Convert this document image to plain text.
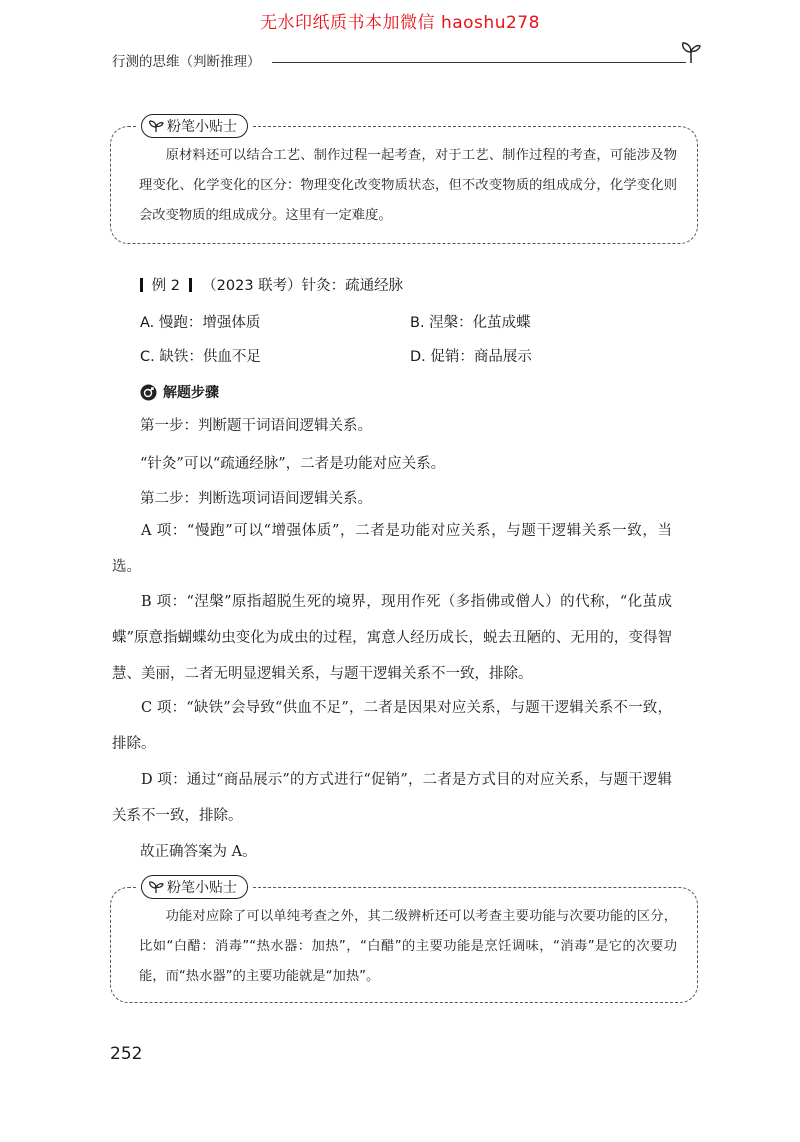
无水印纸质书本加微信 haoshu278
行测的思维（判断推理）
粉笔小贴士
原材料还可以结合工艺、制作过程一起考查，对于工艺、制作过程的考查，可能涉及物理变化、化学变化的区分：物理变化改变物质状态，但不改变物质的组成成分，化学变化则会改变物质的组成成分。这里有一定难度。
例 2 （2023 联考）针灸：疏通经脉
A. 慢跑：增强体质	B. 涅槃：化茧成蝶
C. 缺铁：供血不足	D. 促销：商品展示
解题步骤
第一步：判断题干词语间逻辑关系。
“针灸”可以“疏通经脉”，二者是功能对应关系。
第二步：判断选项词语间逻辑关系。
A 项：“慢跑”可以“增强体质”，二者是功能对应关系，与题干逻辑关系一致，当选。
B 项：“涅槃”原指超脱生死的境界，现用作死（多指佛或僧人）的代称，“化茧成蝶”原意指蝴蝶幼虫变化为成虫的过程，寓意人经历成长，蜕去丑陋的、无用的，变得智慧、美丽，二者无明显逻辑关系，与题干逻辑关系不一致，排除。
C 项：“缺铁”会导致“供血不足”，二者是因果对应关系，与题干逻辑关系不一致，排除。
D 项：通过“商品展示”的方式进行“促销”，二者是方式目的对应关系，与题干逻辑关系不一致，排除。
故正确答案为 A。
粉笔小贴士
功能对应除了可以单纯考查之外，其二级辨析还可以考查主要功能与次要功能的区分，比如“白醋：消毒”“热水器：加热”，“白醋”的主要功能是烹饪调味，“消毒”是它的次要功能，而“热水器”的主要功能就是“加热”。
252
